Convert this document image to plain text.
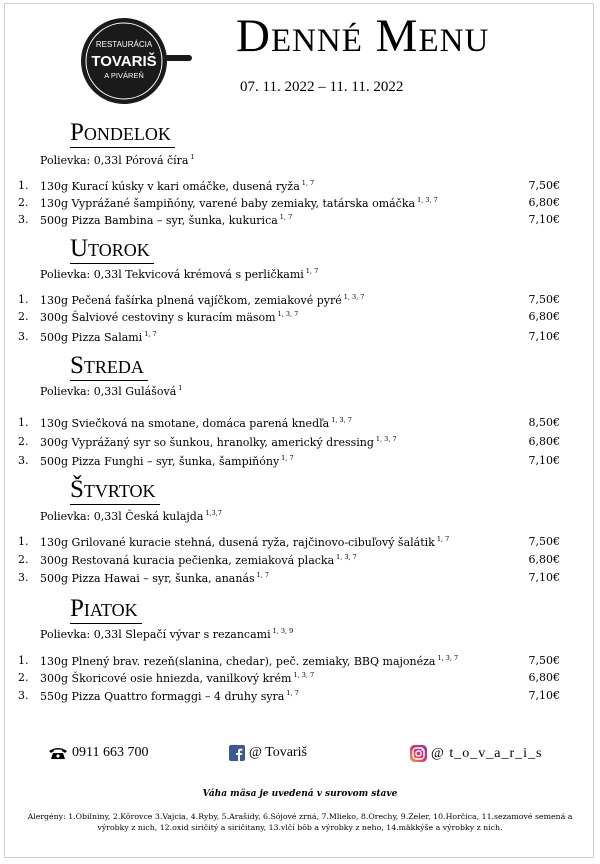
RESTAURÁCIA
TOVARIŠ
A PIVÁREŇ
Denné Menu
07. 11. 2022 – 11. 11. 2022
Pondelok
Polievka: 0,33l Pórová číra $^1$
1. 130g Kurací kúsky v kari omáčke, dusená ryža $^{1, 7}$	7,50€
2. 130g Vyprážané šampiňóny, varené baby zemiaky, tatárska omáčka $^{1, 3, 7}$	6,80€
3. 500g Pizza Bambina – syr, šunka, kukurica $^{1, 7}$	7,10€
Utorok
Polievka: 0,33l Tekvicová krémová s perličkami $^{1, 7}$
1. 130g Pečená fašírka plnená vajíčkom, zemiakové pyré $^{1, 3, 7}$	7,50€
2. 300g Šalviové cestoviny s kuracím mäsom $^{1, 3, 7}$	6,80€
3. 500g Pizza Salami $^{1, 7}$	7,10€
Streda
Polievka: 0,33l Gulášová $^1$
1. 130g Sviečková na smotane, domáca parená knedľa $^{1, 3, 7}$	8,50€
2. 300g Vyprážaný syr so šunkou, hranolky, americký dressing $^{1, 3, 7}$	6,80€
3. 500g Pizza Funghi – syr, šunka, šampiňóny $^{1, 7}$	7,10€
Štvrtok
Polievka: 0,33l Česká kulajda $^{1,3,7}$
1. 130g Grilované kuracie stehná, dusená ryža, rajčinovo-cibuľový šalátik $^{1, 7}$	7,50€
2. 300g Restovaná kuracia pečienka, zemiaková placka $^{1, 3, 7}$	6,80€
3. 500g Pizza Hawai – syr, šunka, ananás $^{1, 7}$	7,10€
Piatok
Polievka: 0,33l Slepačí vývar s rezancami $^{1, 3, 9}$
1. 130g Plnený brav. rezeň(slanina, chedar), peč. zemiaky, BBQ majonéza $^{1, 3, 7}$	7,50€
2. 300g Škoricové osie hniezda, vanilkový krém $^{1, 3, 7}$	6,80€
3. 550g Pizza Quattro formaggi – 4 druhy syra $^{1, 7}$	7,10€
0911 663 700	@ Tovariš	@ t_o_v_a_r_i_s
Váha mäsa je uvedená v surovom stave
Alergény: 1.Obilniny, 2.Kôrovce 3.Vajcia, 4.Ryby, 5.Arašidy, 6.Sójové zrná, 7.Mlieko, 8.Orechy, 9.Zeler, 10.Horčica, 11.sezamové semená a výrobky z nich, 12.oxid siričitý a siričitany, 13.vlčí bôb a výrobky z neho, 14.mäkkýše a výrobky z nich.
